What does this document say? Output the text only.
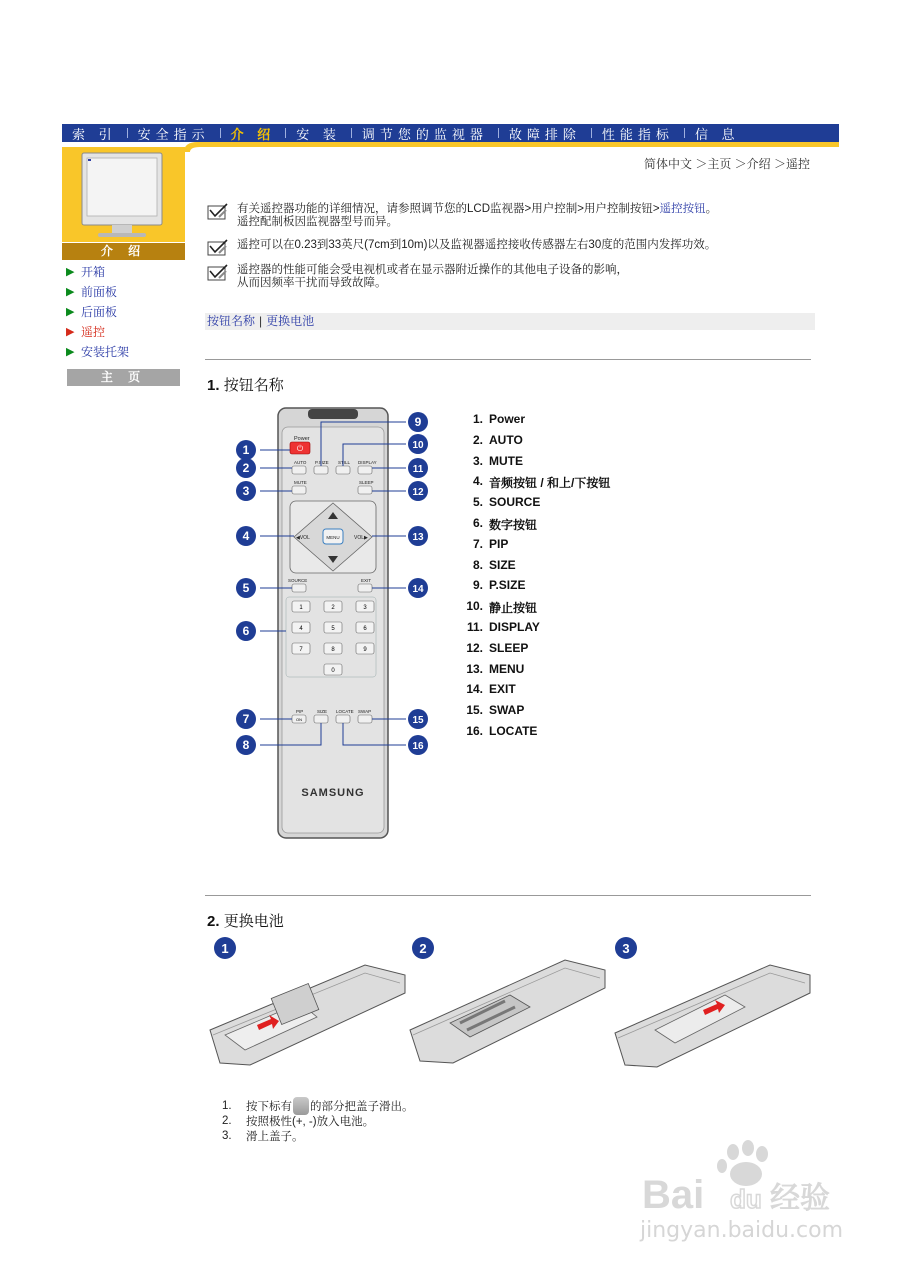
索 引	安全指示	介 绍	安 装	调节您的监视器	故障排除	性能指标	信 息
介 绍
▶ 开箱
▶ 前面板
▶ 后面板
▶ 遥控
▶ 安装托架
主 页
简体中文 ＞主页 ＞介绍 ＞遥控
有关遥控器功能的详细情况，请参照调节您的LCD监视器>用户控制>用户控制按钮>遥控按钮。
遥控配制板因监视器型号而异。
遥控可以在0.23到33英尺(7cm到10m)以及监视器遥控接收传感器左右30度的范围内发挥功效。
遥控器的性能可能会受电视机或者在显示器附近操作的其他电子设备的影响，
从而因频率干扰而导致故障。
按钮名称 | 更换电池
1. 按钮名称
Power
⏻
AUTO P.SIZE STILL DISPLAY
MUTE	SLEEP
◀VOL	VOL▶
MENU
SOURCE	EXIT
1	2	3
4	5	6
7	8	9
0
PIP	SIZE LOCATE SWAP
ON
SAMSUNG
1
2
3
4
5
6
7
8
9
10
11
12
13
14
15
16
1. Power
2. AUTO
3. MUTE
4. 音频按钮 / 和上/下按钮
5. SOURCE
6. 数字按钮
7. PIP
8. SIZE
9. P.SIZE
10. 静止按钮
11. DISPLAY
12. SLEEP
13. MENU
14. EXIT
15. SWAP
16. LOCATE
2. 更换电池
1	2	3
1.	按下标有 的部分把盖子滑出。
2.	按照极性(+, -)放入电池。
3.	滑上盖子。
Bai du 经验
jingyan.baidu.com
